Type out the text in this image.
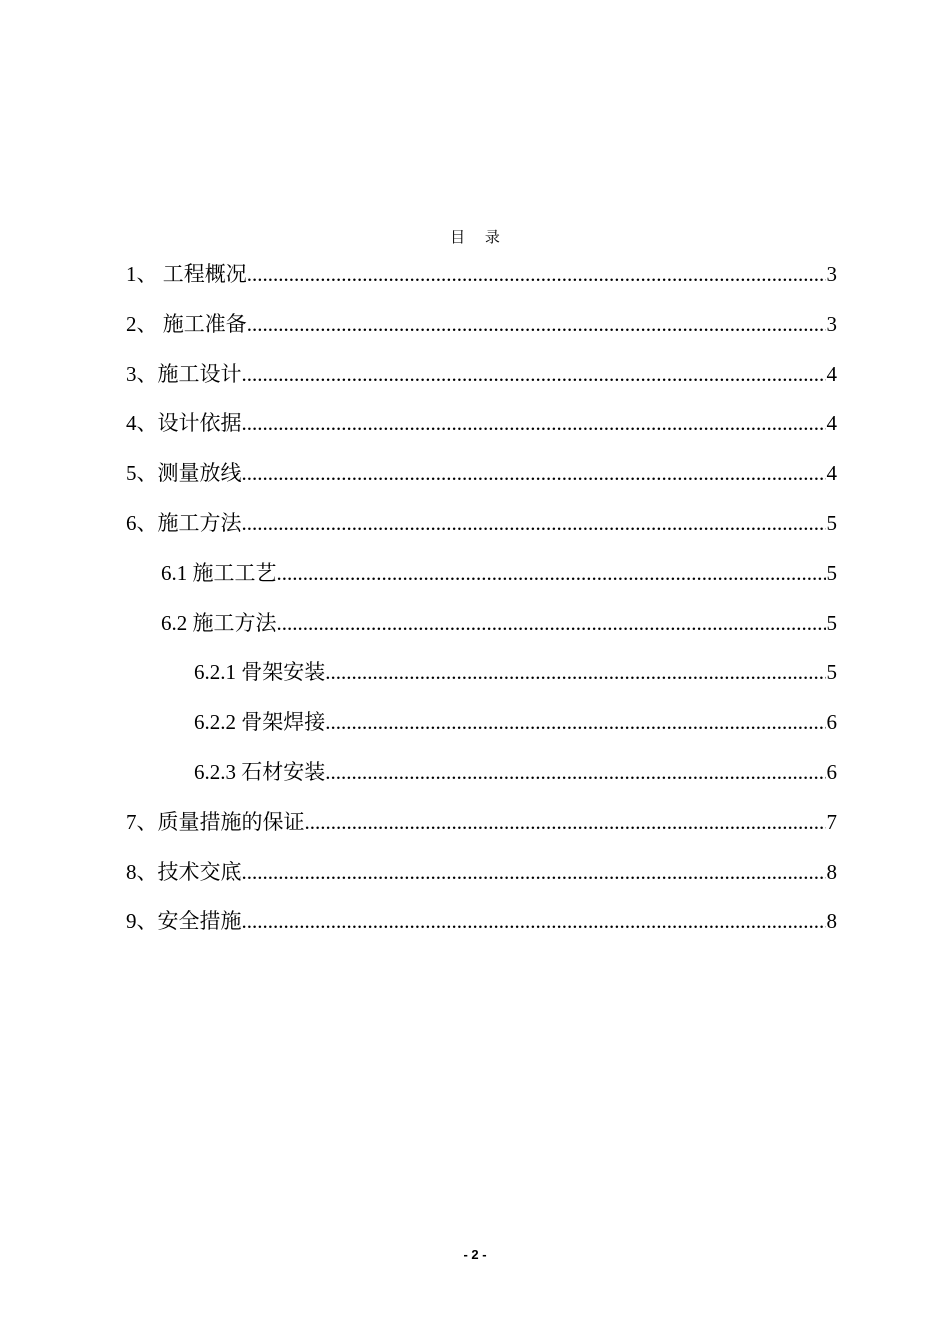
目 录
1、 工程概况 .....	3
2、 施工准备 .....	3
3、施工设计 .....	4
4、设计依据 .....	4
5、测量放线 .....	4
6、施工方法 .....	5
6.1 施工工艺 .....	5
6.2 施工方法 .....	5
6.2.1 骨架安装 .....	5
6.2.2 骨架焊接 .....	6
6.2.3 石材安装 .....	6
7、质量措施的保证 .....	7
8、技术交底 .....	8
9、安全措施 .....	8
- 2 -
